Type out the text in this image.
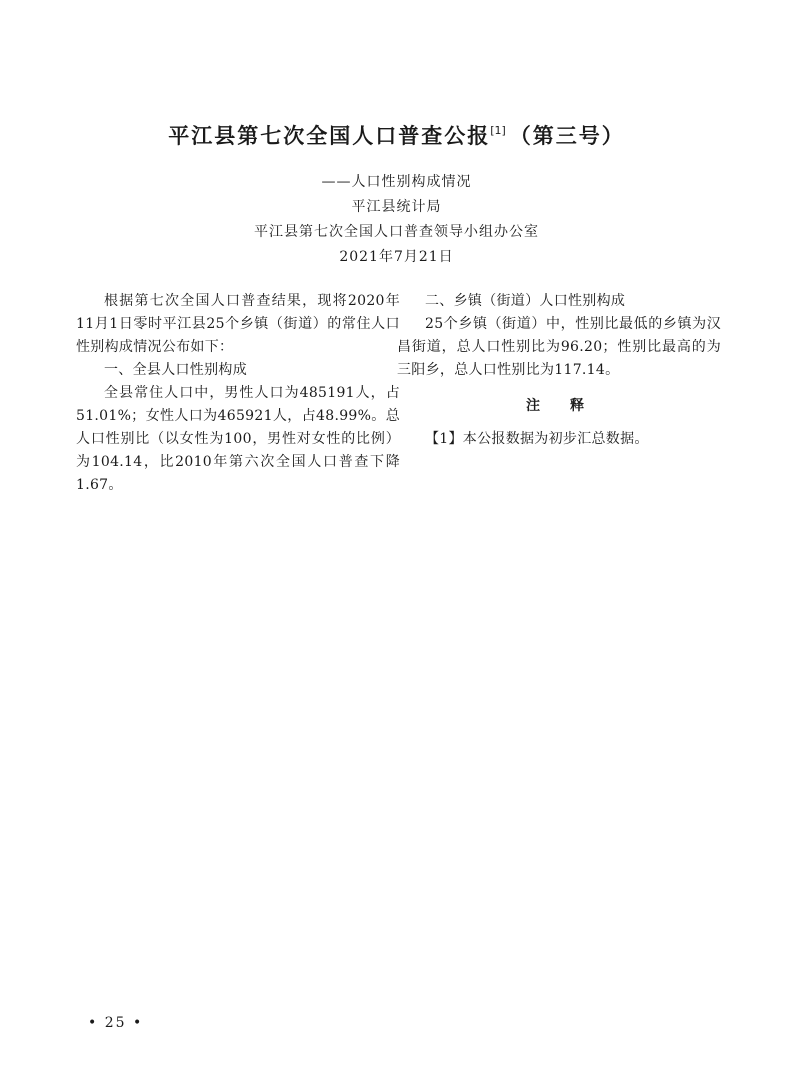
平江县第七次全国人口普查公报[1] （第三号）
——人口性别构成情况
平江县统计局
平江县第七次全国人口普查领导小组办公室
2021年7月21日

根据第七次全国人口普查结果，现将2020年11月1日零时平江县25个乡镇（街道）的常住人口性别构成情况公布如下：

一、全县人口性别构成

全县常住人口中，男性人口为485191人，占51.01%；女性人口为465921人，占48.99%。总人口性别比（以女性为100，男性对女性的比例）为104.14，比2010年第六次全国人口普查下降1.67。

二、乡镇（街道）人口性别构成

25个乡镇（街道）中，性别比最低的乡镇为汉昌街道，总人口性别比为96.20；性别比最高的为三阳乡，总人口性别比为117.14。

注　释

【1】本公报数据为初步汇总数据。

• 25 •
